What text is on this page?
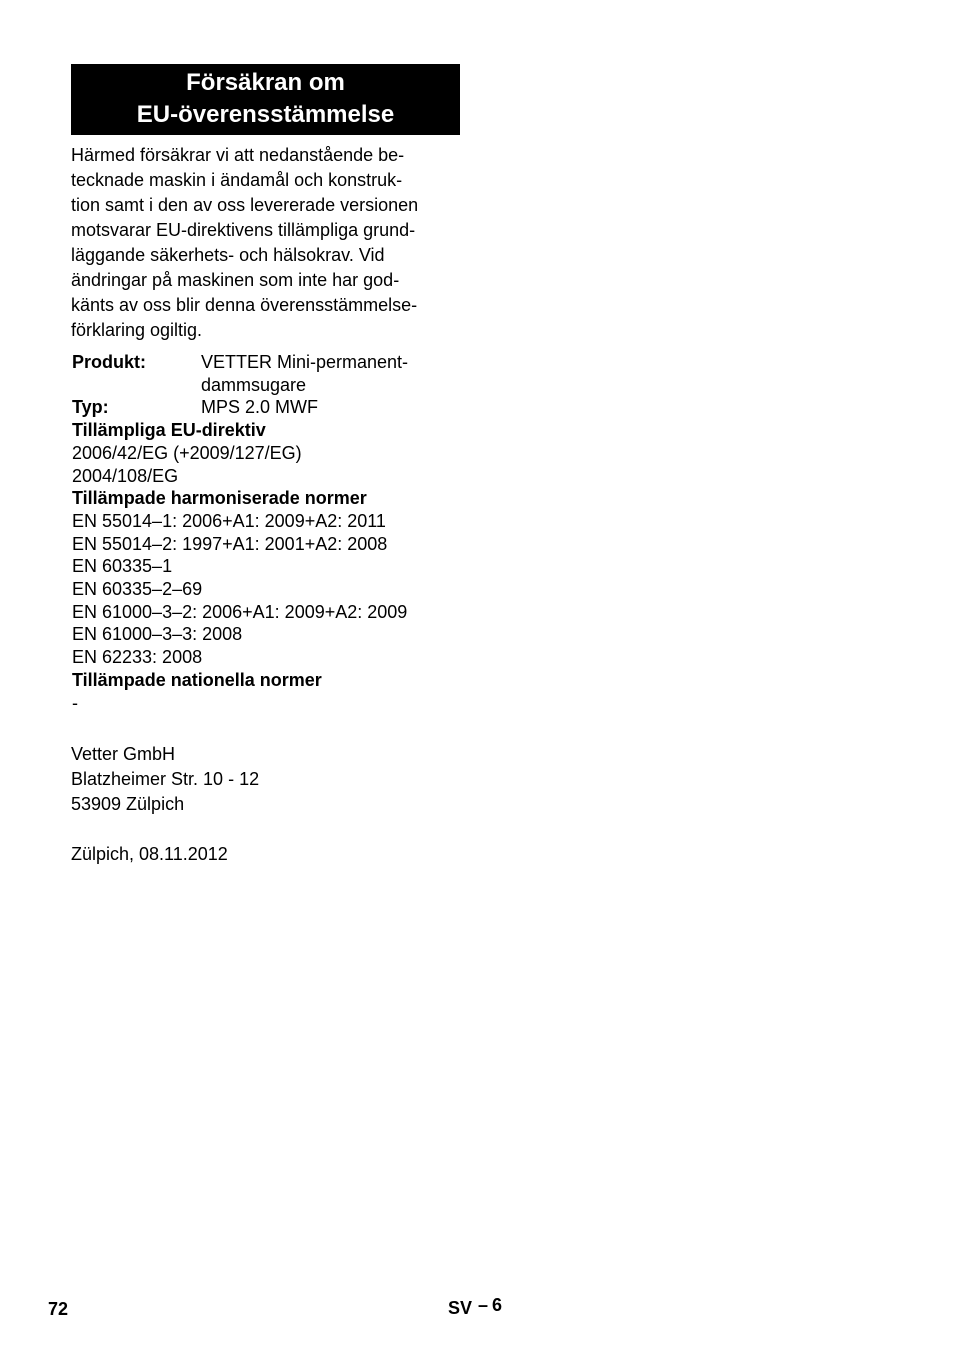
Försäkran om
EU-överensstämmelse
Härmed försäkrar vi att nedanstående be-
tecknade maskin i ändamål och konstruk-
tion samt i den av oss levererade versionen
motsvarar EU-direktivens tillämpliga grund-
läggande säkerhets- och hälsokrav. Vid
ändringar på maskinen som inte har god-
känts av oss blir denna överensstämmelse-
förklaring ogiltig.
Produkt:	VETTER Mini-permanent-
dammsugare
Typ:	MPS 2.0 MWF
Tillämpliga EU-direktiv
2006/42/EG (+2009/127/EG)
2004/108/EG
Tillämpade harmoniserade normer
EN 55014–1: 2006+A1: 2009+A2: 2011
EN 55014–2: 1997+A1: 2001+A2: 2008
EN 60335–1
EN 60335–2–69
EN 61000–3–2: 2006+A1: 2009+A2: 2009
EN 61000–3–3: 2008
EN 62233: 2008
Tillämpade nationella normer
-
Vetter GmbH
Blatzheimer Str. 10 - 12
53909 Zülpich
Zülpich, 08.11.2012
72	SV – 6
